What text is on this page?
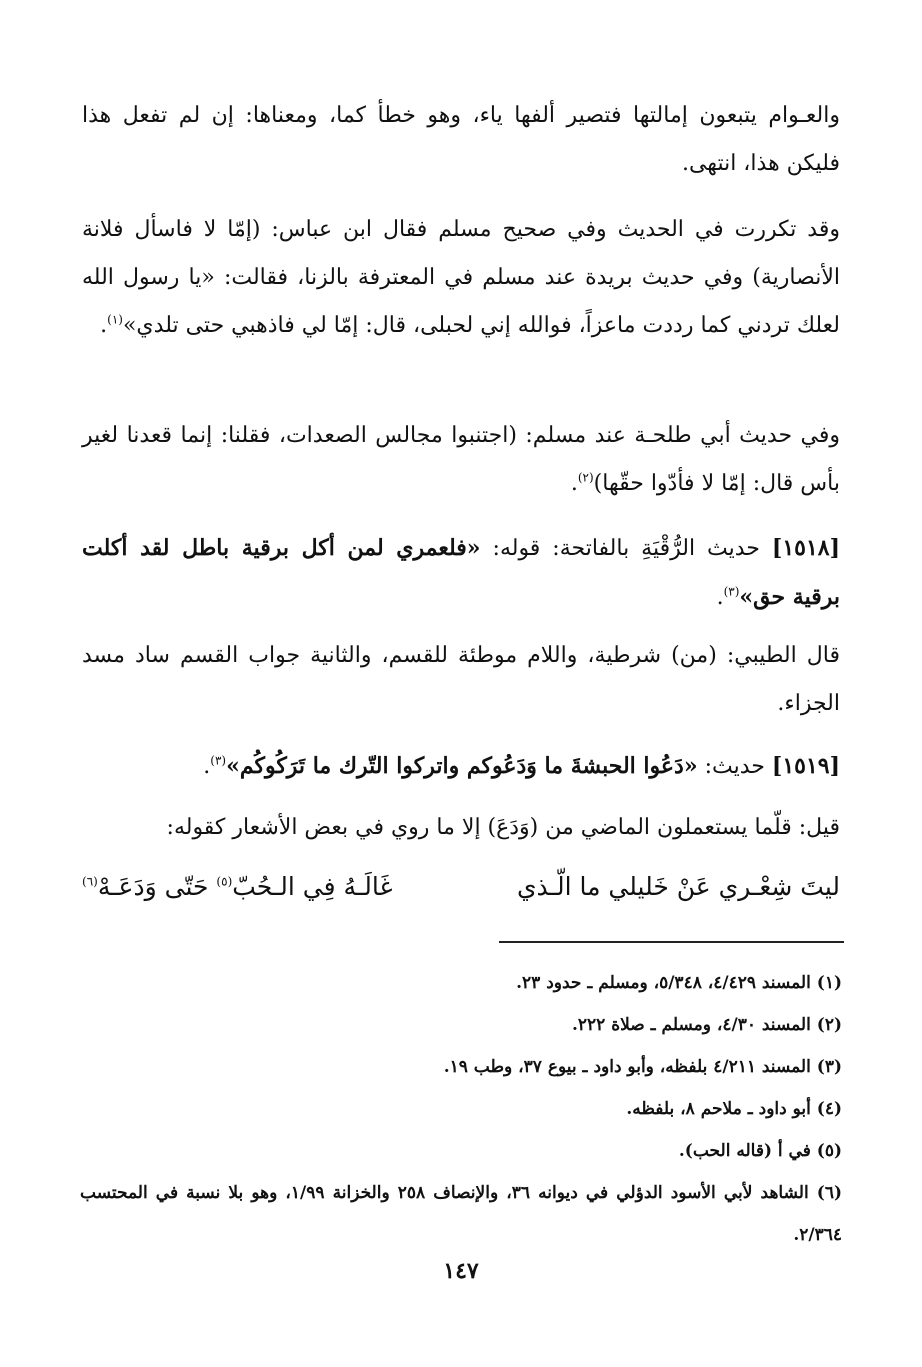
والعـوام يتبعون إمالتها فتصير ألفها ياء، وهو خطأ كما، ومعناها: إن لم تفعل هذا فليكن هذا، انتهى.
وقد تكررت في الحديث وفي صحيح مسلم فقال ابن عباس: (إمّا لا فاسأل فلانة الأنصارية) وفي حديث بريدة عند مسلم في المعترفة بالزنا، فقالت: «يا رسول الله لعلك تردني كما رددت ماعزاً، فوالله إني لحبلى، قال: إمّا لي فاذهبي حتى تلدي»$^{(١)}$.
وفي حديث أبي طلحـة عند مسلم: (اجتنبوا مجالس الصعدات، فقلنا: إنما قعدنا لغير بأس قال: إمّا لا فأدّوا حقّها)$^{(٢)}$.
[١٥١٨] حديث الرُّقْيَةِ بالفاتحة: قوله: «فلعمري لمن أكل برقية باطل لقد أكلت برقية حق»$^{(٣)}$.
قال الطيبي: (من) شرطية، واللام موطئة للقسم، والثانية جواب القسم ساد مسد الجزاء.
[١٥١٩] حديث: «دَعُوا الحبشةَ ما وَدَعُوكم واتركوا التّرك ما تَرَكُوكُم»$^{(٣)}$.
قيل: قلّما يستعملون الماضي من (وَدَعَ) إلا ما روي في بعض الأشعار كقوله:
ليتَ شِعْـري عَنْ خَليلي ما الّـذي
غَالَـهُ فِي الـحُبّ$^{(٥)}$ حَتّى وَدَعَـهْ$^{(٦)}$
(١) المسند ٤/٤٢٩، ٥/٣٤٨، ومسلم ـ حدود ٢٣.
(٢) المسند ٤/٣٠، ومسلم ـ صلاة ٢٢٢.
(٣) المسند ٤/٢١١ بلفظه، وأبو داود ـ بيوع ٣٧، وطب ١٩.
(٤) أبو داود ـ ملاحم ٨، بلفظه.
(٥) في أ (قاله الحب).
(٦) الشاهد لأبي الأسود الدؤلي في ديوانه ٣٦، والإنصاف ٢٥٨ والخزانة ١/٩٩، وهو بلا نسبة في المحتسب ٢/٣٦٤.
١٤٧
